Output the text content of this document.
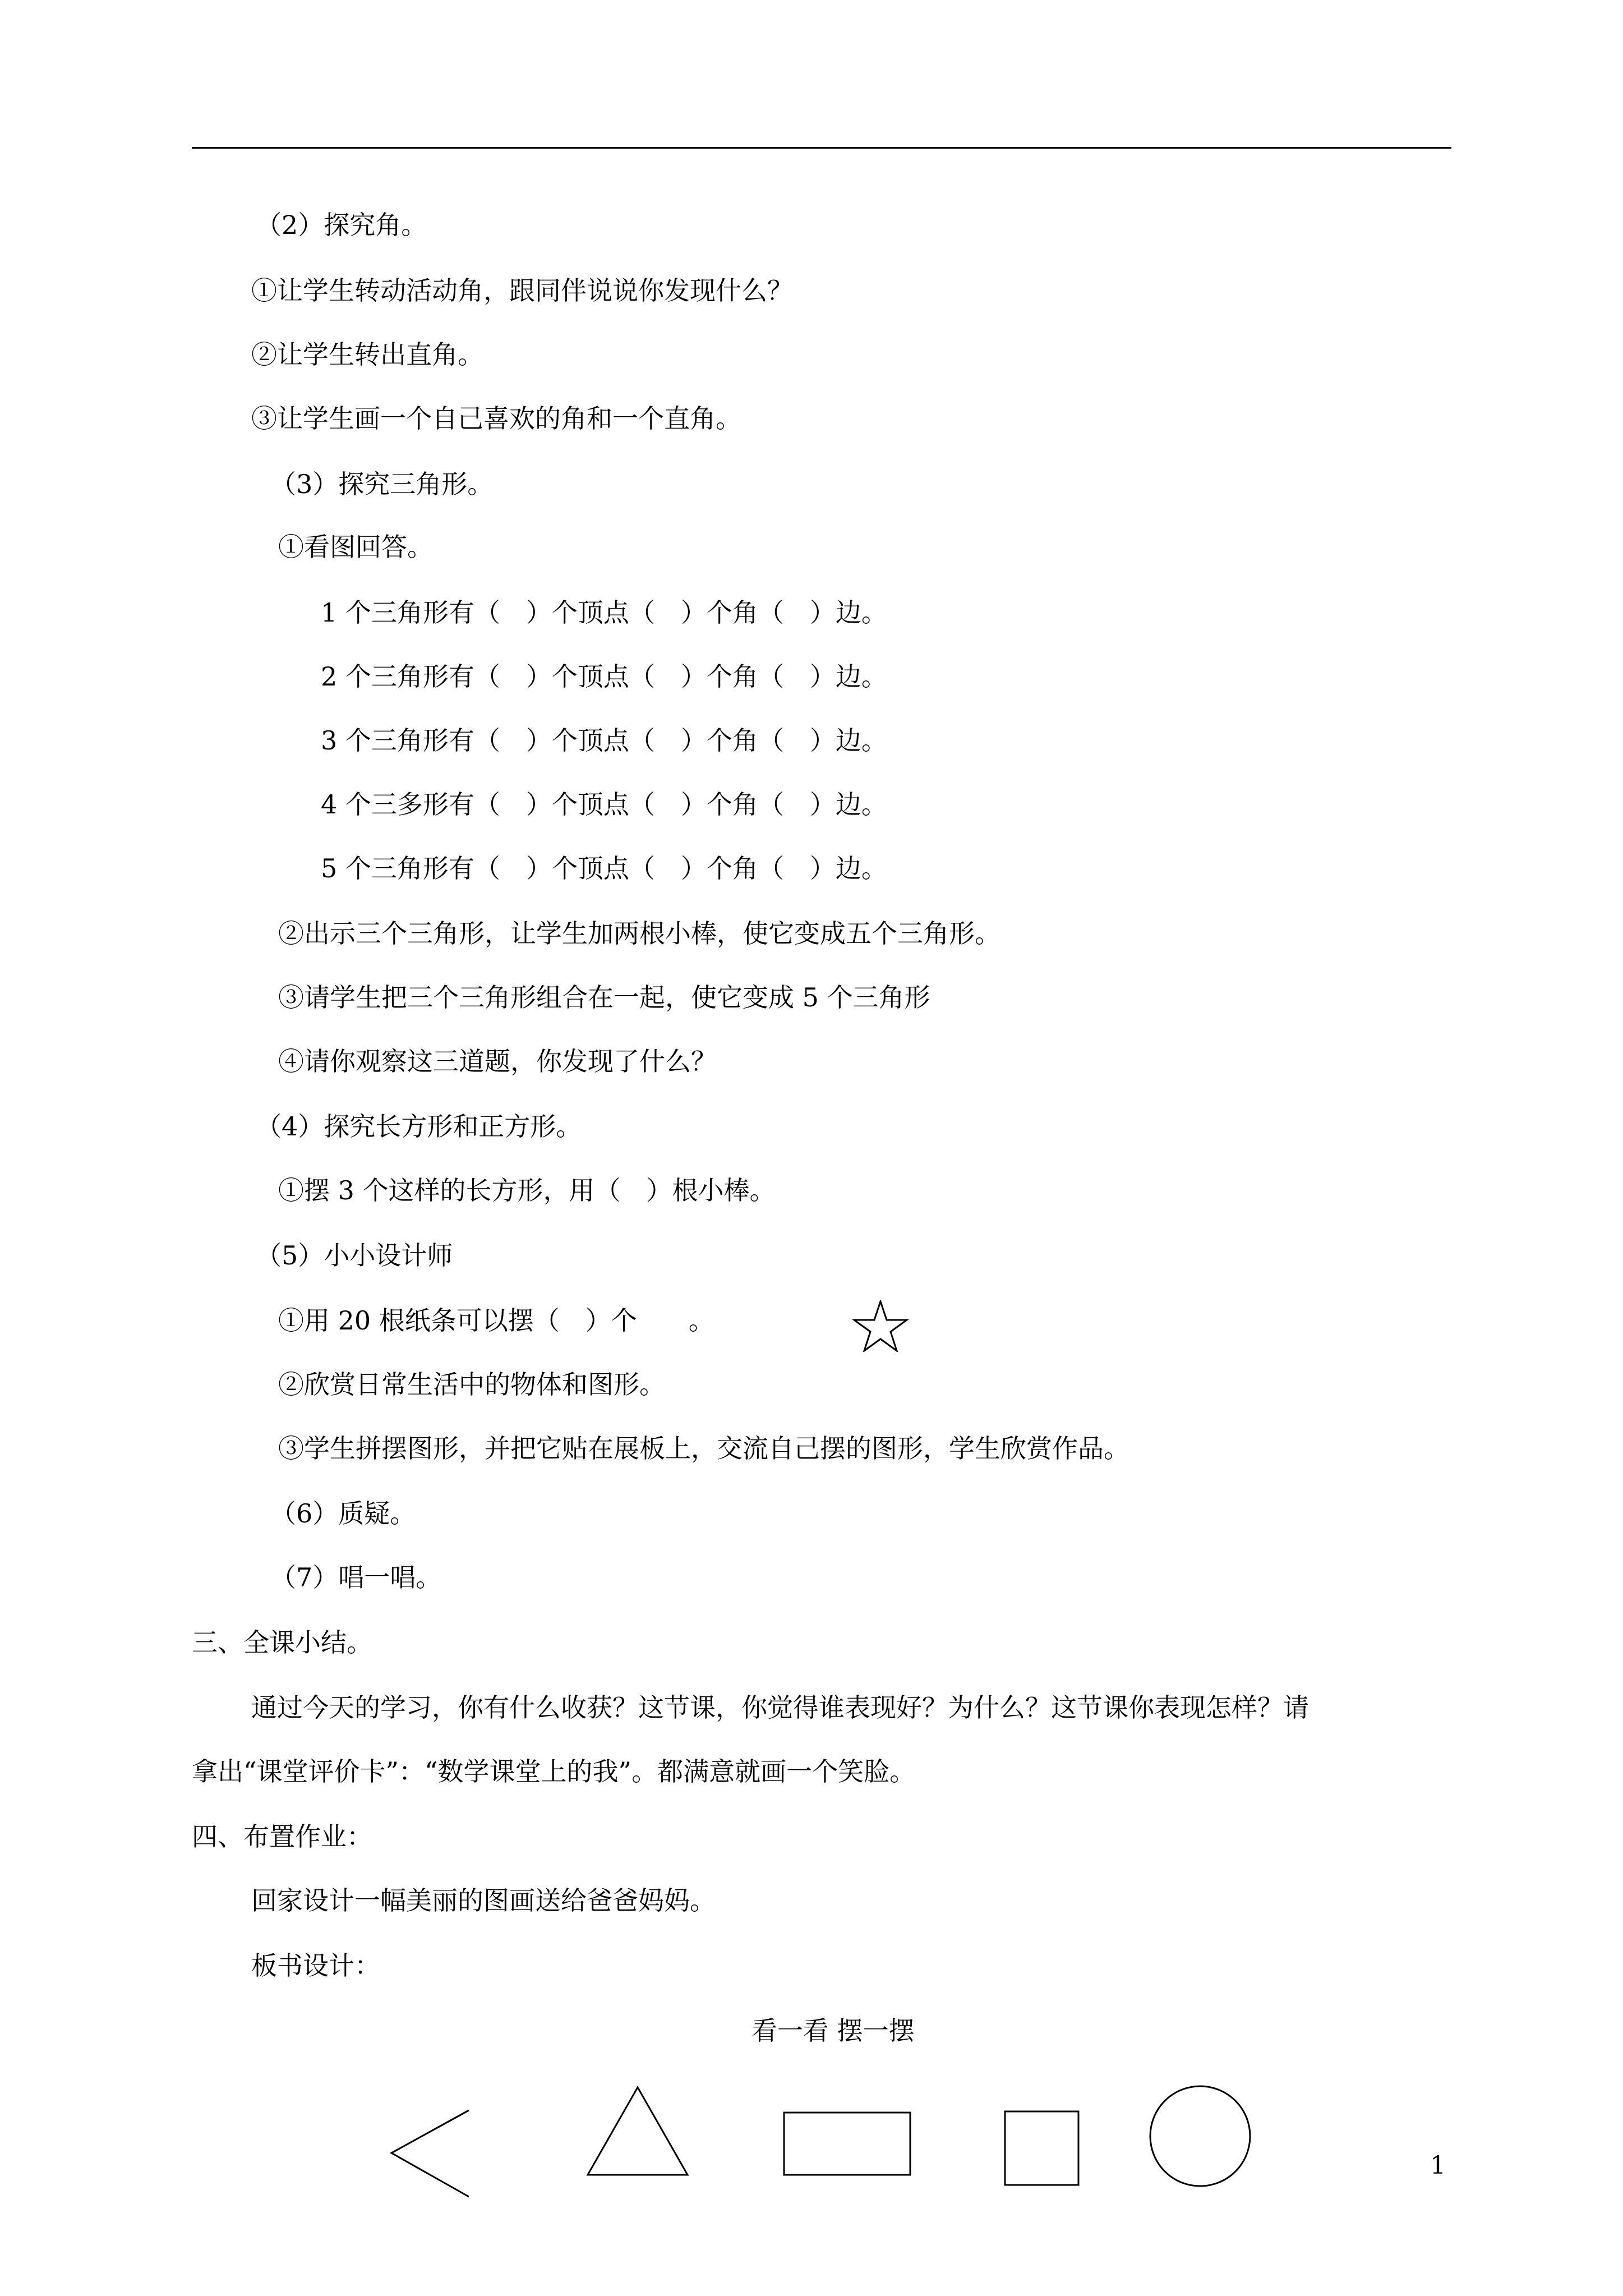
（2）探究角。
①让学生转动活动角，跟同伴说说你发现什么？
②让学生转出直角。
③让学生画一个自己喜欢的角和一个直角。
（3）探究三角形。
①看图回答。
1 个三角形有（　）个顶点（　）个角（　）边。
2 个三角形有（　）个顶点（　）个角（　）边。
3 个三角形有（　）个顶点（　）个角（　）边。
4 个三多形有（　）个顶点（　）个角（　）边。
5 个三角形有（　）个顶点（　）个角（　）边。
②出示三个三角形，让学生加两根小棒，使它变成五个三角形。
③请学生把三个三角形组合在一起，使它变成 5 个三角形
④请你观察这三道题，你发现了什么？
（4）探究长方形和正方形。
①摆 3 个这样的长方形，用（　）根小棒。
（5）小小设计师
①用 20 根纸条可以摆（　）个　　。
②欣赏日常生活中的物体和图形。
③学生拼摆图形，并把它贴在展板上，交流自己摆的图形，学生欣赏作品。
（6）质疑。
（7）唱一唱。
三、全课小结。
通过今天的学习，你有什么收获？这节课，你觉得谁表现好？为什么？这节课你表现怎样？请
拿出“课堂评价卡”：“数学课堂上的我”。都满意就画一个笑脸。
四、布置作业：
回家设计一幅美丽的图画送给爸爸妈妈。
板书设计：
看一看 摆一摆
1
